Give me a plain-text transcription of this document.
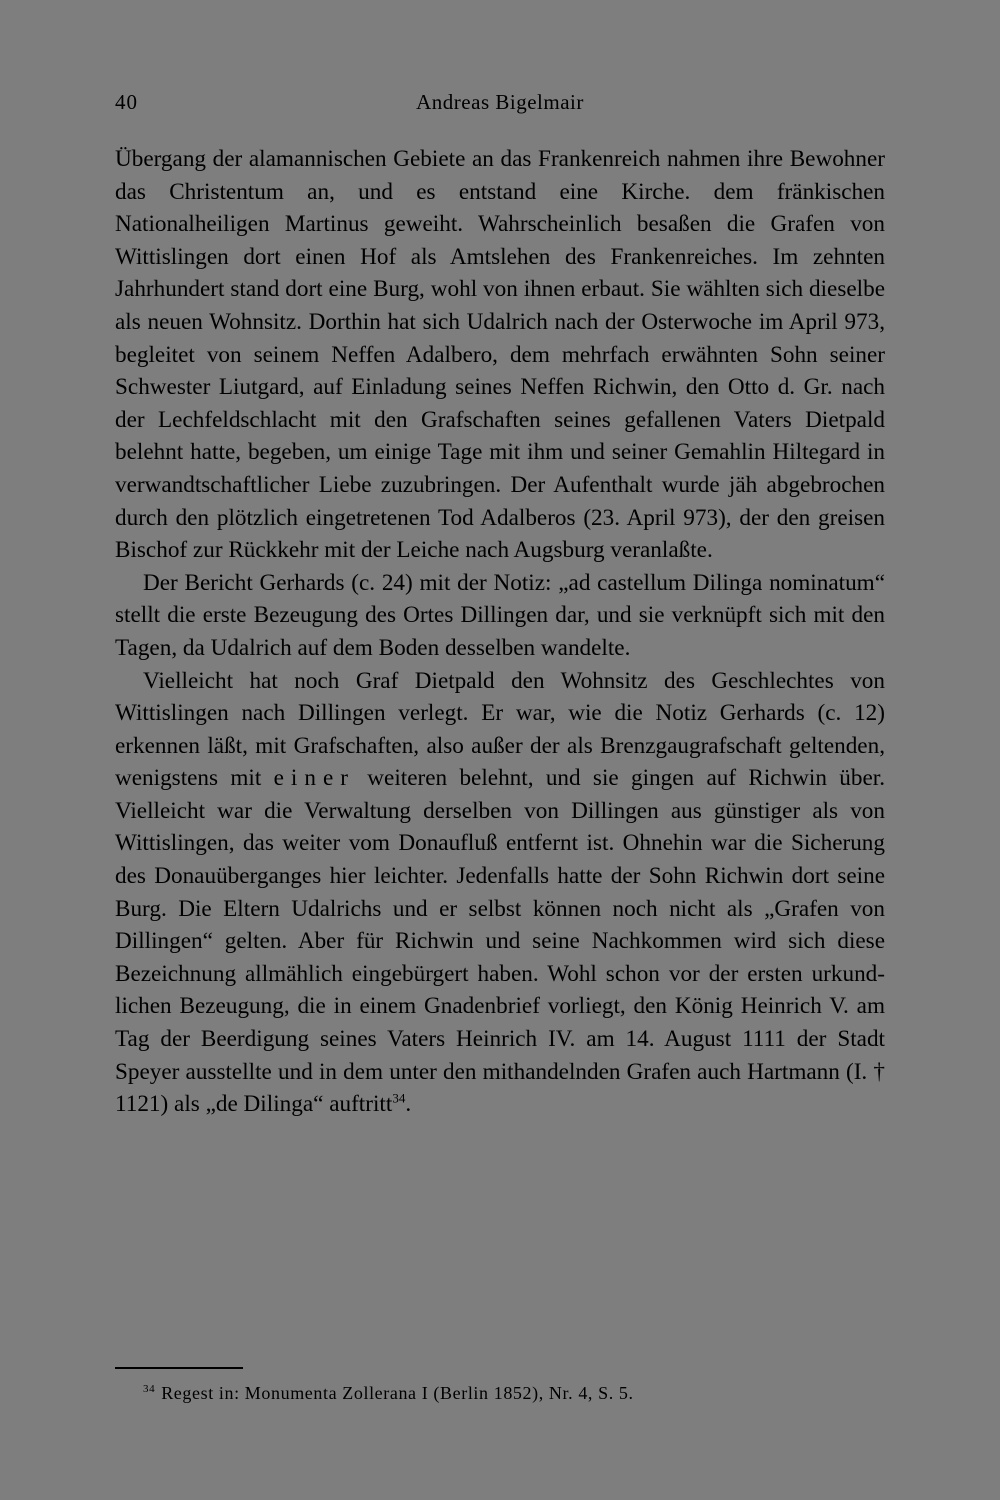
40	Andreas Bigelmair

Übergang der alamannischen Gebiete an das Frankenreich nahmen ihre Bewohner das Christentum an, und es entstand eine Kirche. dem fränkischen Nationalheiligen Martinus geweiht. Wahrscheinlich besaßen die Grafen von Wittislingen dort einen Hof als Amtslehen des Frankenreiches. Im zehnten Jahrhundert stand dort eine Burg, wohl von ihnen erbaut. Sie wählten sich dieselbe als neuen Wohnsitz. Dorthin hat sich Udalrich nach der Osterwoche im April 973, begleitet von seinem Neffen Adalbero, dem mehrfach erwähnten Sohn seiner Schwester Liutgard, auf Einladung seines Neffen Richwin, den Otto d. Gr. nach der Lechfeldschlacht mit den Grafschaften seines gefallenen Vaters Dietpald belehnt hatte, begeben, um einige Tage mit ihm und seiner Gemahlin Hiltegard in verwandtschaftlicher Liebe zuzubringen. Der Aufenthalt wurde jäh abgebrochen durch den plötzlich eingetretenen Tod Adalberos (23. April 973), der den greisen Bischof zur Rückkehr mit der Leiche nach Augsburg veranlaßte.

Der Bericht Gerhards (c. 24) mit der Notiz: „ad castellum Dilinga nominatum“ stellt die erste Bezeugung des Ortes Dillingen dar, und sie verknüpft sich mit den Tagen, da Udalrich auf dem Boden desselben wandelte.

Vielleicht hat noch Graf Dietpald den Wohnsitz des Geschlechtes von Wittislingen nach Dillingen verlegt. Er war, wie die Notiz Gerhards (c. 12) erkennen läßt, mit Grafschaften, also außer der als Brenzgaugrafschaft geltenden, wenigstens mit einer weiteren belehnt, und sie gingen auf Richwin über. Vielleicht war die Verwaltung derselben von Dillingen aus günstiger als von Wittislingen, das weiter vom Donaufluß entfernt ist. Ohnehin war die Sicherung des Donauüberganges hier leichter. Jedenfalls hatte der Sohn Richwin dort seine Burg. Die Eltern Udalrichs und er selbst können noch nicht als „Grafen von Dillingen“ gelten. Aber für Richwin und seine Nachkommen wird sich diese Bezeichnung allmählich eingebürgert haben. Wohl schon vor der ersten urkundlichen Bezeugung, die in einem Gnadenbrief vorliegt, den König Heinrich V. am Tag der Beerdigung seines Vaters Heinrich IV. am 14. August 1111 der Stadt Speyer ausstellte und in dem unter den mithandelnden Grafen auch Hartmann (I. † 1121) als „de Dilinga“ auftritt$^{34}$.

$^{34}$ Regest in: Monumenta Zollerana I (Berlin 1852), Nr. 4, S. 5.
